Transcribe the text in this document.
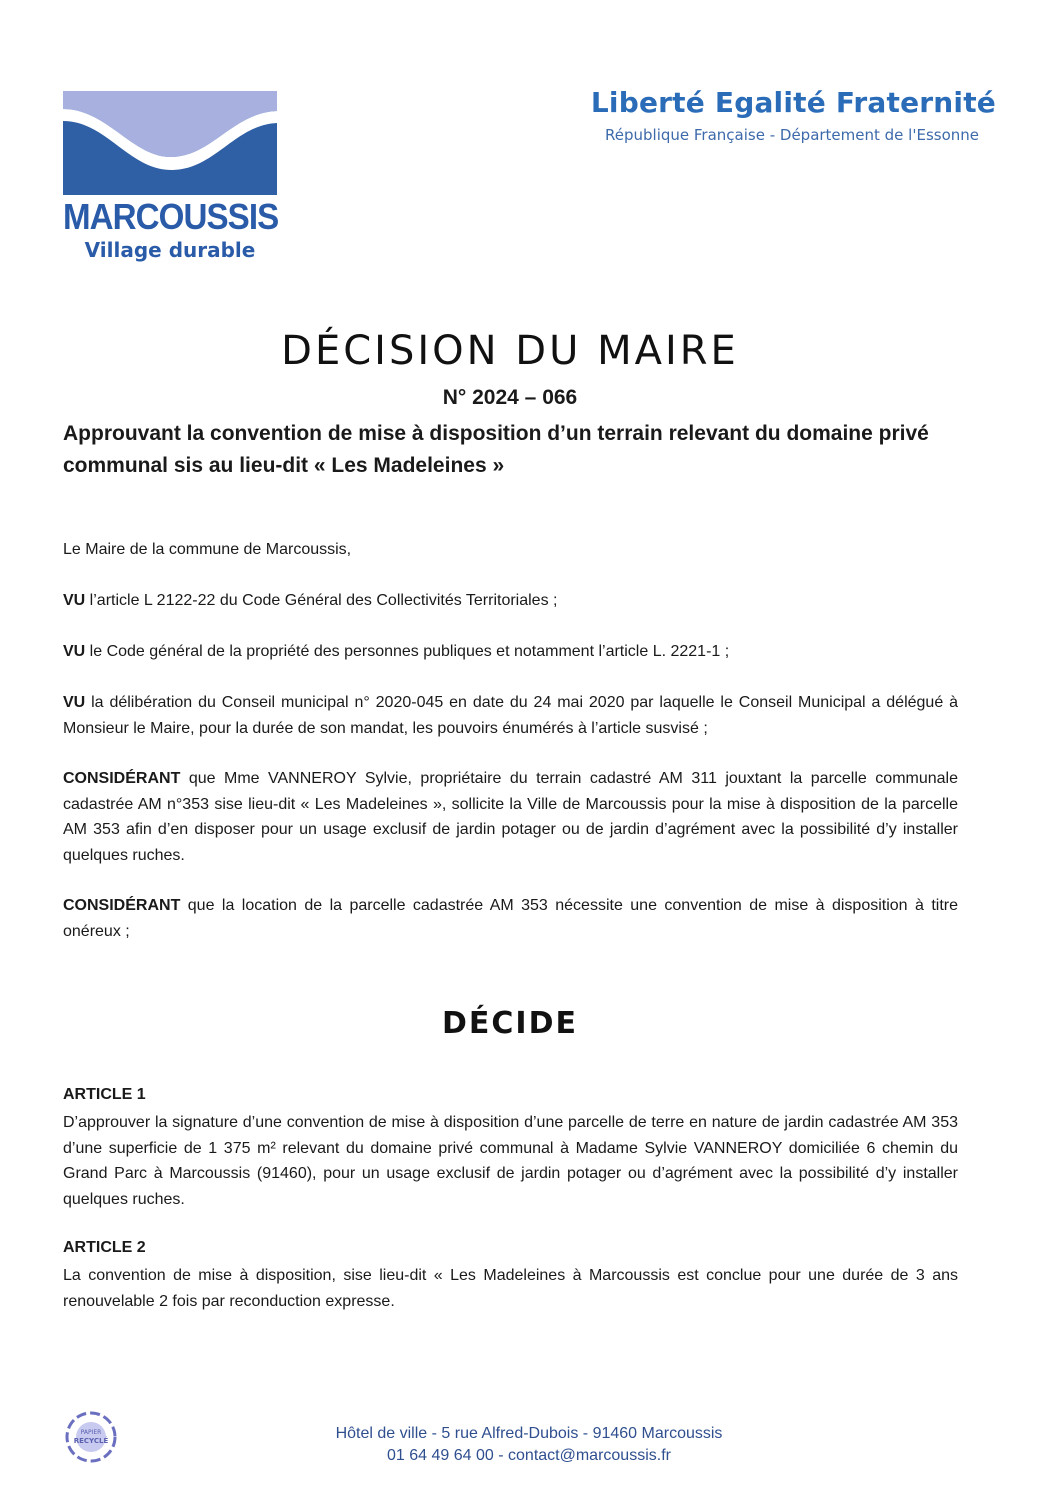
MARCOUSSIS
Village durable
Liberté Egalité Fraternité
République Française - Département de l'Essonne
DÉCISION DU MAIRE
N° 2024 – 066
Approuvant la convention de mise à disposition d’un terrain relevant du domaine privé communal sis au lieu-dit « Les Madeleines »
Le Maire de la commune de Marcoussis,
VU l’article L 2122-22 du Code Général des Collectivités Territoriales ;
VU le Code général de la propriété des personnes publiques et notamment l’article L. 2221-1 ;
VU la délibération du Conseil municipal n° 2020-045 en date du 24 mai 2020 par laquelle le Conseil Municipal a délégué à Monsieur le Maire, pour la durée de son mandat, les pouvoirs énumérés à l’article susvisé ;
CONSIDÉRANT que Mme VANNEROY Sylvie, propriétaire du terrain cadastré AM 311 jouxtant la parcelle communale cadastrée AM n°353 sise lieu-dit « Les Madeleines », sollicite la Ville de Marcoussis pour la mise à disposition de la parcelle AM 353 afin d’en disposer pour un usage exclusif de jardin potager ou de jardin d’agrément avec la possibilité d’y installer quelques ruches.
CONSIDÉRANT que la location de la parcelle cadastrée AM 353 nécessite une convention de mise à disposition à titre onéreux ;
DÉCIDE
ARTICLE 1
D’approuver la signature d’une convention de mise à disposition d’une parcelle de terre en nature de jardin cadastrée AM 353 d’une superficie de 1 375 m² relevant du domaine privé communal à Madame Sylvie VANNEROY domiciliée 6 chemin du Grand Parc à Marcoussis (91460), pour un usage exclusif de jardin potager ou d’agrément avec la possibilité d’y installer quelques ruches.
ARTICLE 2
La convention de mise à disposition, sise lieu-dit « Les Madeleines à Marcoussis est conclue pour une durée de 3 ans renouvelable 2 fois par reconduction expresse.
PAPIER
RECYCLÉ	Hôtel de ville - 5 rue Alfred-Dubois - 91460 Marcoussis
01 64 49 64 00 - contact@marcoussis.fr
